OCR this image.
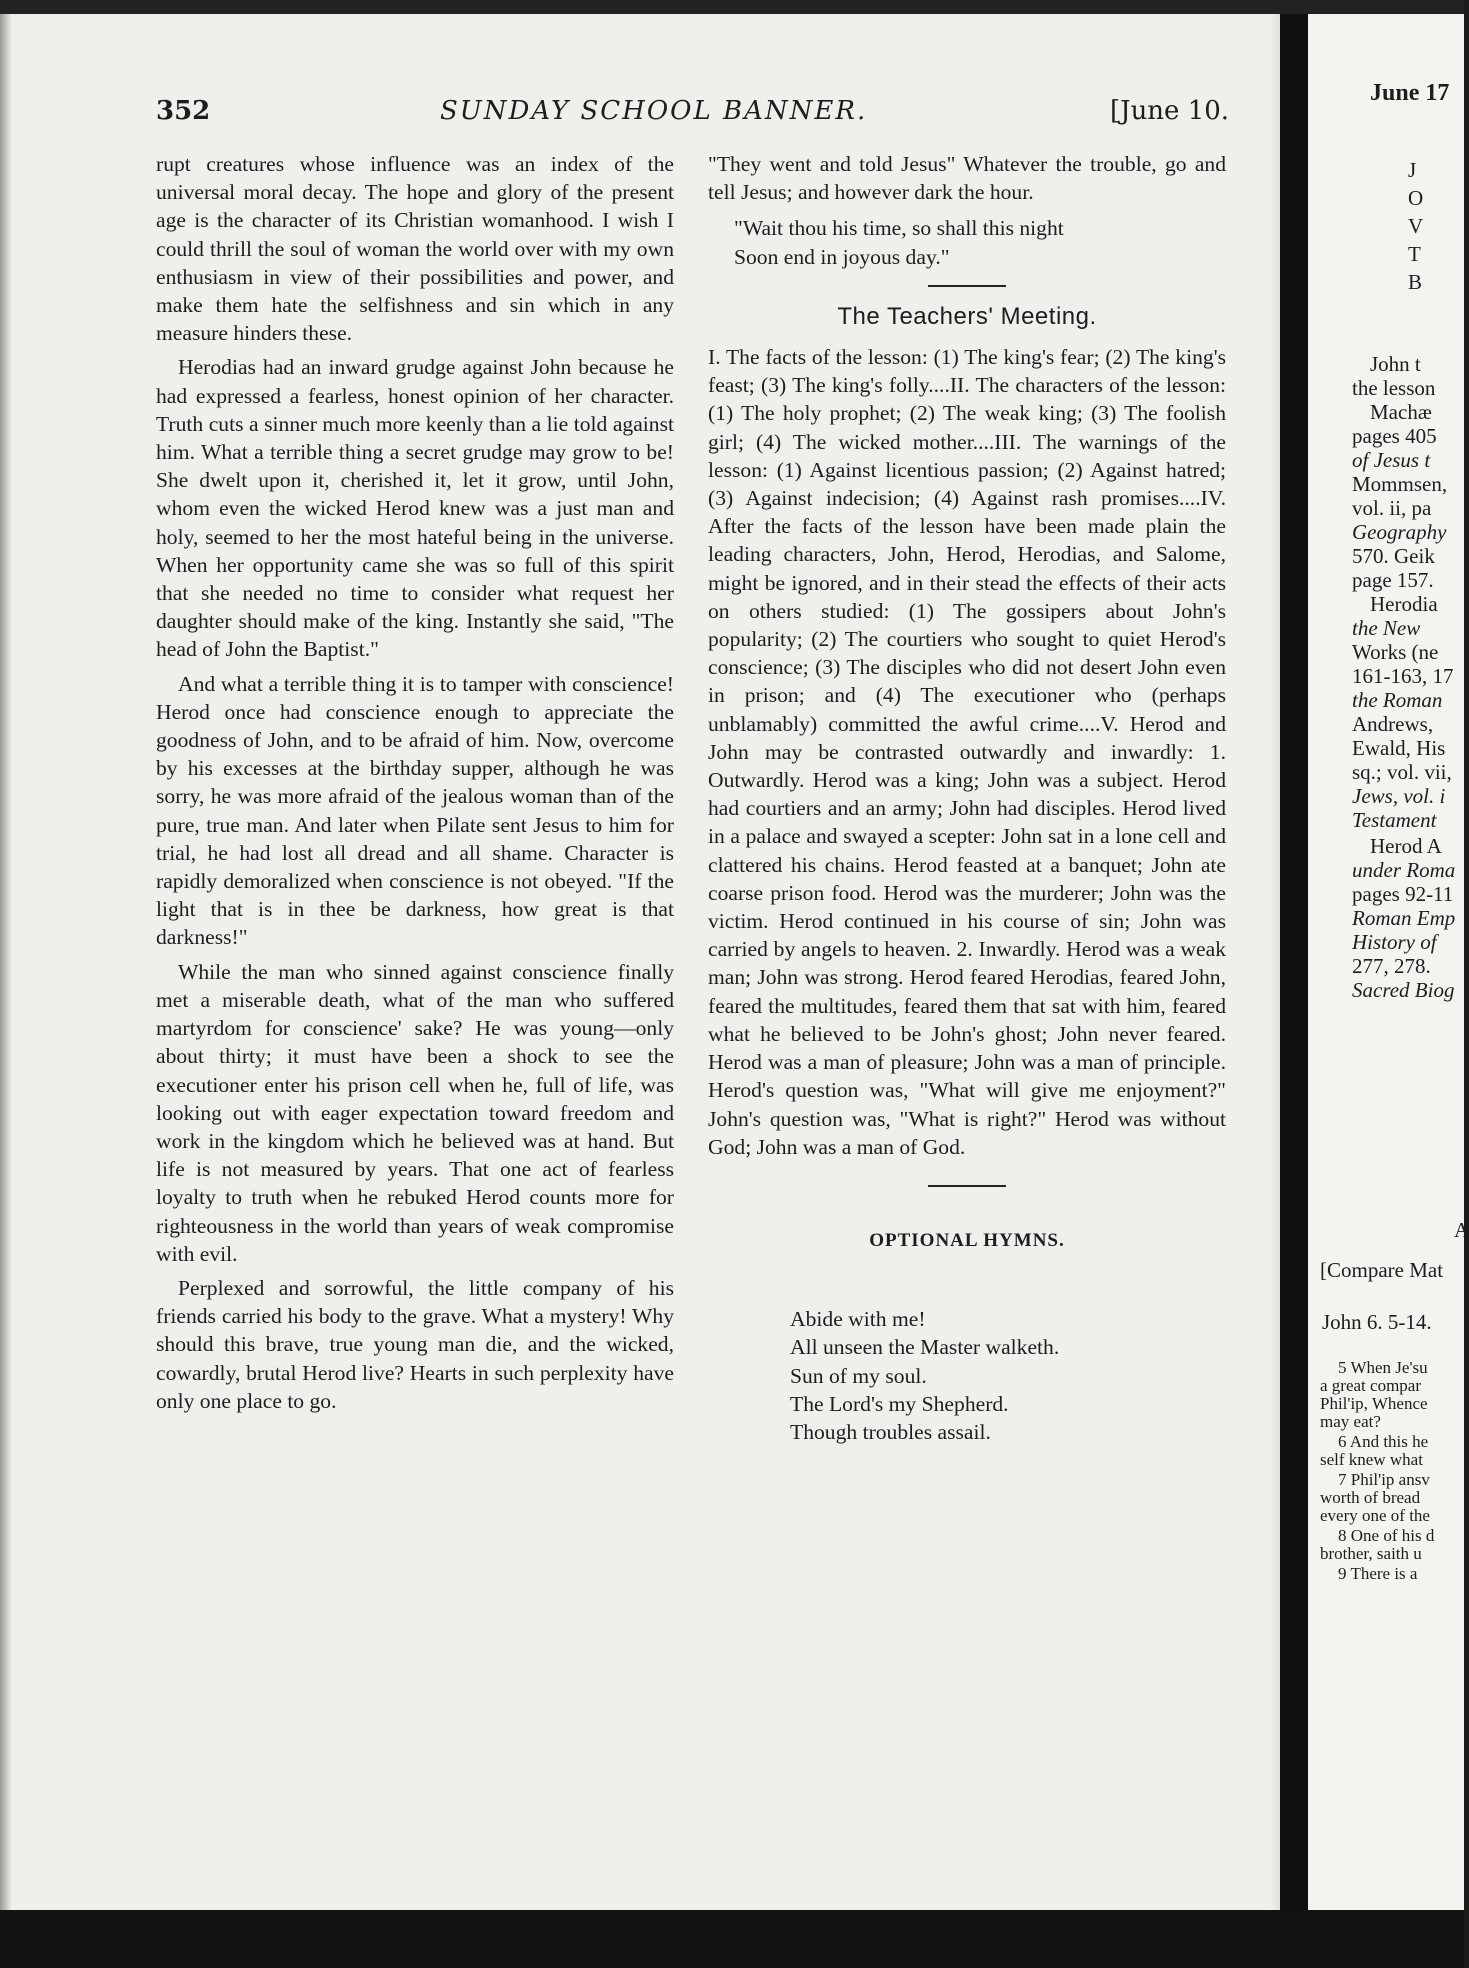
352	SUNDAY SCHOOL BANNER.	[June 10.

rupt creatures whose influence was an index of the universal moral decay. The hope and glory of the present age is the character of its Christian womanhood. I wish I could thrill the soul of woman the world over with my own enthusiasm in view of their possibilities and power, and make them hate the selfishness and sin which in any measure hinders these.

Herodias had an inward grudge against John because he had expressed a fearless, honest opinion of her character. Truth cuts a sinner much more keenly than a lie told against him. What a terrible thing a secret grudge may grow to be! She dwelt upon it, cherished it, let it grow, until John, whom even the wicked Herod knew was a just man and holy, seemed to her the most hateful being in the universe. When her opportunity came she was so full of this spirit that she needed no time to consider what request her daughter should make of the king. Instantly she said, "The head of John the Baptist."

And what a terrible thing it is to tamper with conscience! Herod once had conscience enough to appreciate the goodness of John, and to be afraid of him. Now, overcome by his excesses at the birthday supper, although he was sorry, he was more afraid of the jealous woman than of the pure, true man. And later when Pilate sent Jesus to him for trial, he had lost all dread and all shame. Character is rapidly demoralized when conscience is not obeyed. "If the light that is in thee be darkness, how great is that darkness!"

While the man who sinned against conscience finally met a miserable death, what of the man who suffered martyrdom for conscience' sake? He was young—only about thirty; it must have been a shock to see the executioner enter his prison cell when he, full of life, was looking out with eager expectation toward freedom and work in the kingdom which he believed was at hand. But life is not measured by years. That one act of fearless loyalty to truth when he rebuked Herod counts more for righteousness in the world than years of weak compromise with evil.

Perplexed and sorrowful, the little company of his friends carried his body to the grave. What a mystery! Why should this brave, true young man die, and the wicked, cowardly, brutal Herod live? Hearts in such perplexity have only one place to go.

"They went and told Jesus" Whatever the trouble, go and tell Jesus; and however dark the hour.

"Wait thou his time, so shall this night
Soon end in joyous day."
The Teachers' Meeting.

I. The facts of the lesson: (1) The king's fear; (2) The king's feast; (3) The king's folly....II. The characters of the lesson: (1) The holy prophet; (2) The weak king; (3) The foolish girl; (4) The wicked mother....III. The warnings of the lesson: (1) Against licentious passion; (2) Against hatred; (3) Against indecision; (4) Against rash promises....IV. After the facts of the lesson have been made plain the leading characters, John, Herod, Herodias, and Salome, might be ignored, and in their stead the effects of their acts on others studied: (1) The gossipers about John's popularity; (2) The courtiers who sought to quiet Herod's conscience; (3) The disciples who did not desert John even in prison; and (4) The executioner who (perhaps unblamably) committed the awful crime....V. Herod and John may be contrasted outwardly and inwardly: 1. Outwardly. Herod was a king; John was a subject. Herod had courtiers and an army; John had disciples. Herod lived in a palace and swayed a scepter: John sat in a lone cell and clattered his chains. Herod feasted at a banquet; John ate coarse prison food. Herod was the murderer; John was the victim. Herod continued in his course of sin; John was carried by angels to heaven. 2. Inwardly. Herod was a weak man; John was strong. Herod feared Herodias, feared John, feared the multitudes, feared them that sat with him, feared what he believed to be John's ghost; John never feared. Herod was a man of pleasure; John was a man of principle. Herod's question was, "What will give me enjoyment?" John's question was, "What is right?" Herod was without God; John was a man of God.

OPTIONAL HYMNS.
Abide with me!
All unseen the Master walketh.
Sun of my soul.
The Lord's my Shepherd.
Though troubles assail.
June 17
J
O
V
T
B
John t
the lesson
Machæ
pages 405
of Jesus t
Mommsen,
vol. ii, pa
Geography
570. Geik
page 157.
Herodia
the New
Works (ne
161-163, 17
the Roman
Andrews,
Ewald, His
sq.; vol. vii,
Jews, vol. i
Testament
Herod A
under Roma
pages 92-11
Roman Emp
History of
277, 278.
Sacred Biog
A
[Compare Mat
John 6. 5-14.
5 When Je'su
a great compar
Phil'ip, Whence
may eat?
6 And this he
self knew what
7 Phil'ip ansv
worth of bread
every one of the
8 One of his d
brother, saith u
9 There is a
